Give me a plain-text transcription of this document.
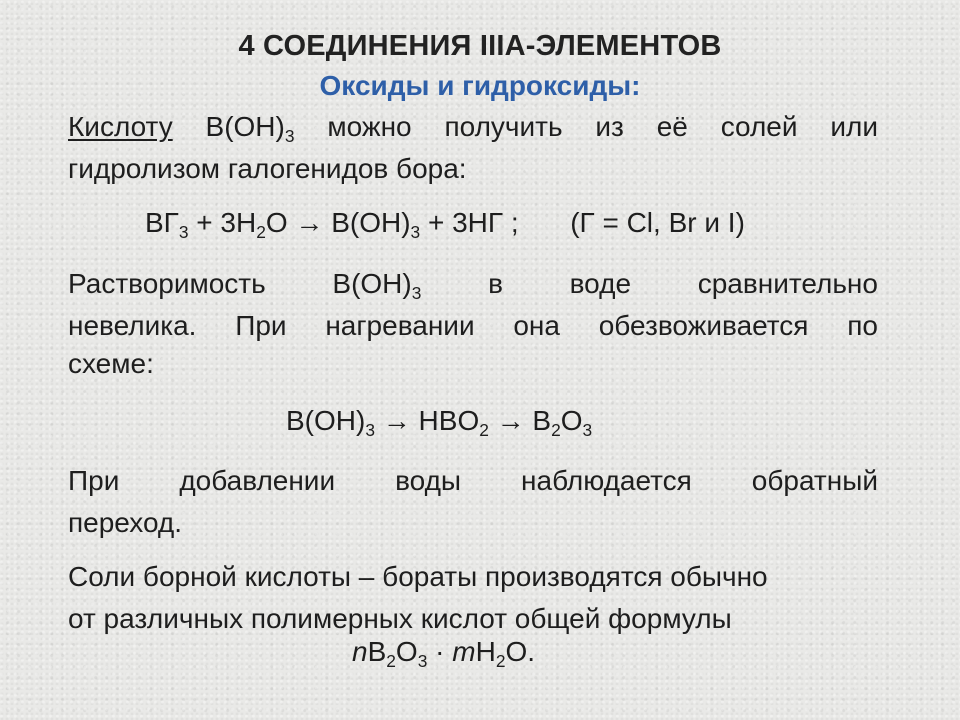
4 СОЕДИНЕНИЯ IIIA-ЭЛЕМЕНТОВ
Оксиды и гидроксиды:
Кислоту $B(OH)_3$ можно получить из её солей или
гидролизом галогенидов бора:
$BГ_3 + 3H_2O \to B(OH)_3 + 3HГ$ ; (Г = Cl, Br и I)
Растворимость $B(OH)_3$ в воде сравнительно
невелика. При нагревании она обезвоживается по
схеме:
$B(OH)_3 \to HBO_2 \to B_2O_3$
При добавлении воды наблюдается обратный
переход.
Соли борной кислоты – бораты производятся обычно
от различных полимерных кислот общей формулы
$nB_2O_3 \cdot mH_2O$.
